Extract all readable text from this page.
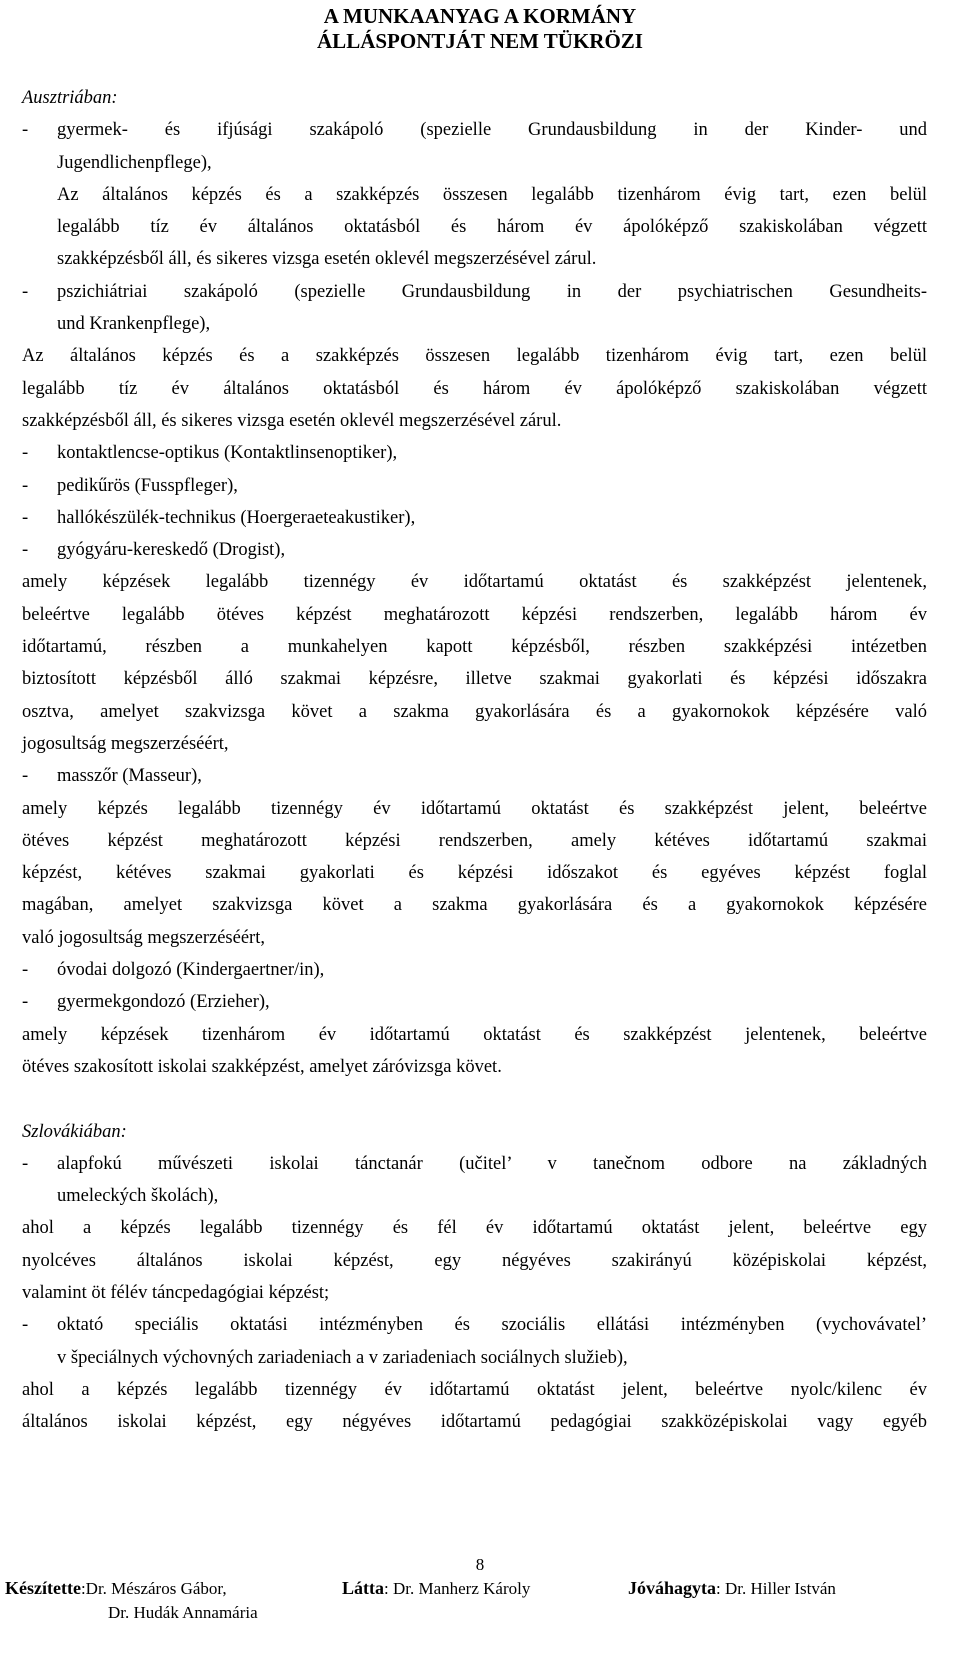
A MUNKAANYAG A KORMÁNY
ÁLLÁSPONTJÁT NEM TÜKRÖZI
Ausztriában:
- gyermek- és ifjúsági szakápoló (spezielle Grundausbildung in der Kinder- und
Jugendlichenpflege),
Az általános képzés és a szakképzés összesen legalább tizenhárom évig tart, ezen belül
legalább tíz év általános oktatásból és három év ápolóképző szakiskolában végzett
szakképzésből áll, és sikeres vizsga esetén oklevél megszerzésével zárul.
- pszichiátriai szakápoló (spezielle Grundausbildung in der psychiatrischen Gesundheits-
und Krankenpflege),
Az általános képzés és a szakképzés összesen legalább tizenhárom évig tart, ezen belül
legalább tíz év általános oktatásból és három év ápolóképző szakiskolában végzett
szakképzésből áll, és sikeres vizsga esetén oklevél megszerzésével zárul.
- kontaktlencse-optikus (Kontaktlinsenoptiker),
- pedikűrös (Fusspfleger),
- hallókészülék-technikus (Hoergeraeteakustiker),
- gyógyáru-kereskedő (Drogist),
amely képzések legalább tizennégy év időtartamú oktatást és szakképzést jelentenek,
beleértve legalább ötéves képzést meghatározott képzési rendszerben, legalább három év
időtartamú, részben a munkahelyen kapott képzésből, részben szakképzési intézetben
biztosított képzésből álló szakmai képzésre, illetve szakmai gyakorlati és képzési időszakra
osztva, amelyet szakvizsga követ a szakma gyakorlására és a gyakornokok képzésére való
jogosultság megszerzéséért,
- masszőr (Masseur),
amely képzés legalább tizennégy év időtartamú oktatást és szakképzést jelent, beleértve
ötéves képzést meghatározott képzési rendszerben, amely kétéves időtartamú szakmai
képzést, kétéves szakmai gyakorlati és képzési időszakot és egyéves képzést foglal
magában, amelyet szakvizsga követ a szakma gyakorlására és a gyakornokok képzésére
való jogosultság megszerzéséért,
- óvodai dolgozó (Kindergaertner/in),
- gyermekgondozó (Erzieher),
amely képzések tizenhárom év időtartamú oktatást és szakképzést jelentenek, beleértve
ötéves szakosított iskolai szakképzést, amelyet záróvizsga követ.
Szlovákiában:
- alapfokú művészeti iskolai tánctanár (učitel’ v tanečnom odbore na základných
umeleckých školách),
ahol a képzés legalább tizennégy és fél év időtartamú oktatást jelent, beleértve egy
nyolcéves általános iskolai képzést, egy négyéves szakirányú középiskolai képzést,
valamint öt félév táncpedagógiai képzést;
- oktató speciális oktatási intézményben és szociális ellátási intézményben (vychovávatel’
v špeciálnych výchovných zariadeniach a v zariadeniach sociálnych služieb),
ahol a képzés legalább tizennégy év időtartamú oktatást jelent, beleértve nyolc/kilenc év
általános iskolai képzést, egy négyéves időtartamú pedagógiai szakközépiskolai vagy egyéb
8
Készítette:Dr. Mészáros Gábor,
Dr. Hudák Annamária
Látta: Dr. Manherz Károly	Jóváhagyta: Dr. Hiller István
